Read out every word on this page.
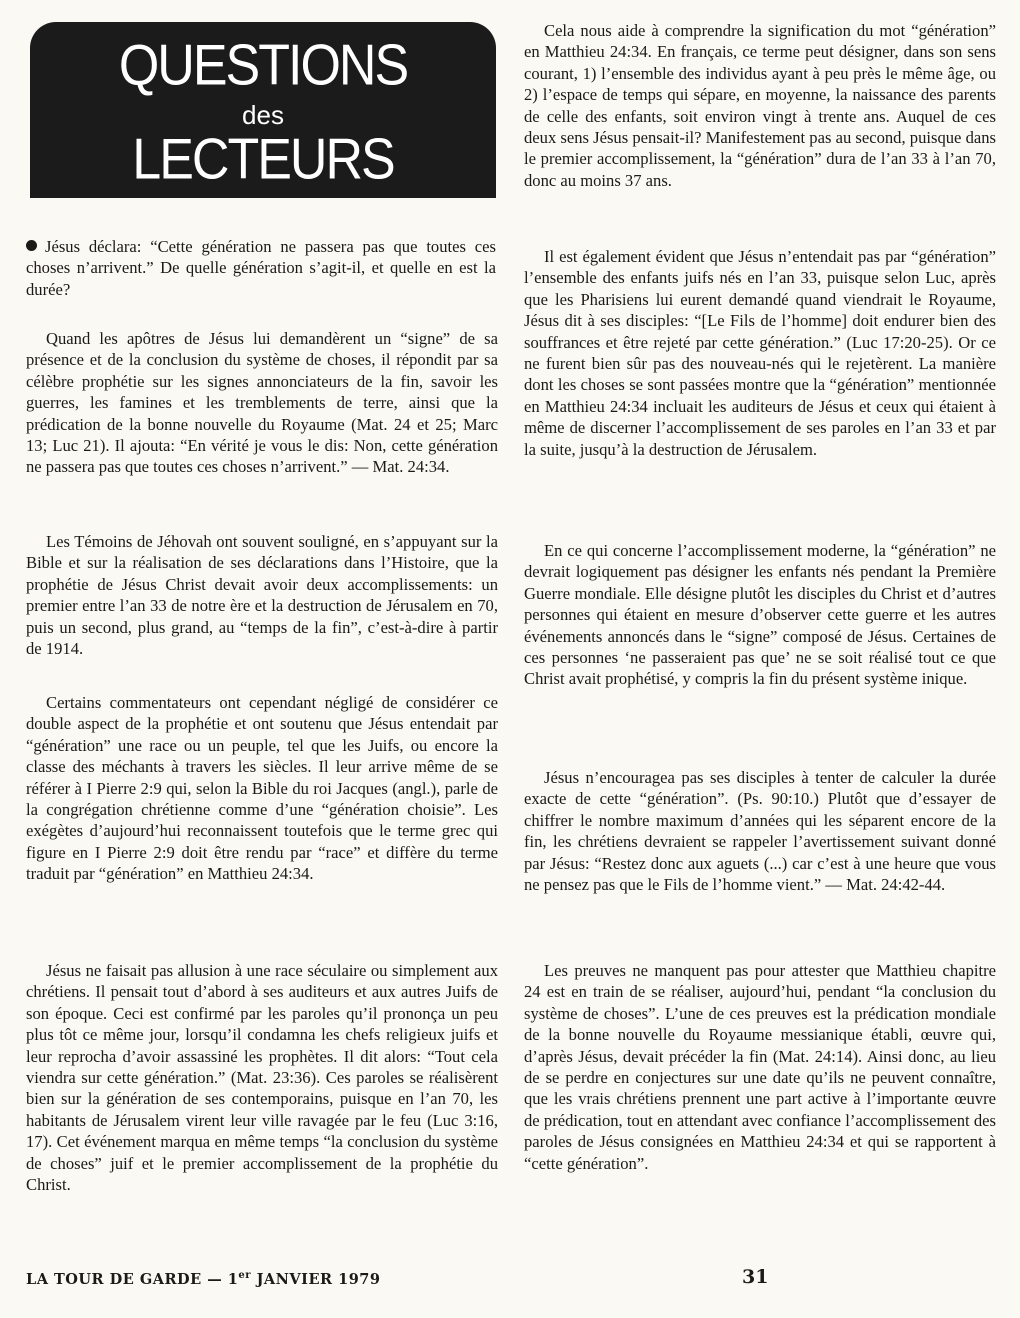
QUESTIONS
des
LECTEURS

Jésus déclara: “Cette génération ne passera pas que toutes ces choses n’arrivent.” De quelle génération s’agit-il, et quelle en est la durée?

Quand les apôtres de Jésus lui demandèrent un “signe” de sa présence et de la conclusion du système de choses, il répondit par sa célèbre prophétie sur les signes annonciateurs de la fin, savoir les guerres, les famines et les tremblements de terre, ainsi que la prédication de la bonne nouvelle du Royaume (Mat. 24 et 25; Marc 13; Luc 21). Il ajouta: “En vérité je vous le dis: Non, cette génération ne passera pas que toutes ces choses n’arrivent.” — Mat. 24:34.

Les Témoins de Jéhovah ont souvent souligné, en s’appuyant sur la Bible et sur la réalisation de ses déclarations dans l’Histoire, que la prophétie de Jésus Christ devait avoir deux accomplissements: un premier entre l’an 33 de notre ère et la destruction de Jérusalem en 70, puis un second, plus grand, au “temps de la fin”, c’est-à-dire à partir de 1914.

Certains commentateurs ont cependant négligé de considérer ce double aspect de la prophétie et ont soutenu que Jésus entendait par “génération” une race ou un peuple, tel que les Juifs, ou encore la classe des méchants à travers les siècles. Il leur arrive même de se référer à I Pierre 2:9 qui, selon la Bible du roi Jacques (angl.), parle de la congrégation chrétienne comme d’une “génération choisie”. Les exégètes d’aujourd’hui reconnaissent toutefois que le terme grec qui figure en I Pierre 2:9 doit être rendu par “race” et diffère du terme traduit par “génération” en Matthieu 24:34.

Jésus ne faisait pas allusion à une race séculaire ou simplement aux chrétiens. Il pensait tout d’abord à ses auditeurs et aux autres Juifs de son époque. Ceci est confirmé par les paroles qu’il prononça un peu plus tôt ce même jour, lorsqu’il condamna les chefs religieux juifs et leur reprocha d’avoir assassiné les prophètes. Il dit alors: “Tout cela viendra sur cette génération.” (Mat. 23:36). Ces paroles se réalisèrent bien sur la génération de ses contemporains, puisque en l’an 70, les habitants de Jérusalem virent leur ville ravagée par le feu (Luc 3:16, 17). Cet événement marqua en même temps “la conclusion du système de choses” juif et le premier accomplissement de la prophétie du Christ.

Cela nous aide à comprendre la signification du mot “génération” en Matthieu 24:34. En français, ce terme peut désigner, dans son sens courant, 1) l’ensemble des individus ayant à peu près le même âge, ou 2) l’espace de temps qui sépare, en moyenne, la naissance des parents de celle des enfants, soit environ vingt à trente ans. Auquel de ces deux sens Jésus pensait-il? Manifestement pas au second, puisque dans le premier accomplissement, la “génération” dura de l’an 33 à l’an 70, donc au moins 37 ans.

Il est également évident que Jésus n’entendait pas par “génération” l’ensemble des enfants juifs nés en l’an 33, puisque selon Luc, après que les Pharisiens lui eurent demandé quand viendrait le Royaume, Jésus dit à ses disciples: “[Le Fils de l’homme] doit endurer bien des souffrances et être rejeté par cette génération.” (Luc 17:20-25). Or ce ne furent bien sûr pas des nouveau-nés qui le rejetèrent. La manière dont les choses se sont passées montre que la “génération” mentionnée en Matthieu 24:34 incluait les auditeurs de Jésus et ceux qui étaient à même de discerner l’accomplissement de ses paroles en l’an 33 et par la suite, jusqu’à la destruction de Jérusalem.

En ce qui concerne l’accomplissement moderne, la “génération” ne devrait logiquement pas désigner les enfants nés pendant la Première Guerre mondiale. Elle désigne plutôt les disciples du Christ et d’autres personnes qui étaient en mesure d’observer cette guerre et les autres événements annoncés dans le “signe” composé de Jésus. Certaines de ces personnes ‘ne passeraient pas que’ ne se soit réalisé tout ce que Christ avait prophétisé, y compris la fin du présent système inique.

Jésus n’encouragea pas ses disciples à tenter de calculer la durée exacte de cette “génération”. (Ps. 90:10.) Plutôt que d’essayer de chiffrer le nombre maximum d’années qui les séparent encore de la fin, les chrétiens devraient se rappeler l’avertissement suivant donné par Jésus: “Restez donc aux aguets (...) car c’est à une heure que vous ne pensez pas que le Fils de l’homme vient.” — Mat. 24:42-44.

Les preuves ne manquent pas pour attester que Matthieu chapitre 24 est en train de se réaliser, aujourd’hui, pendant “la conclusion du système de choses”. L’une de ces preuves est la prédication mondiale de la bonne nouvelle du Royaume messianique établi, œuvre qui, d’après Jésus, devait précéder la fin (Mat. 24:14). Ainsi donc, au lieu de se perdre en conjectures sur une date qu’ils ne peuvent connaître, que les vrais chrétiens prennent une part active à l’importante œuvre de prédication, tout en attendant avec confiance l’accomplissement des paroles de Jésus consignées en Matthieu 24:34 et qui se rapportent à “cette génération”.

LA TOUR DE GARDE — 1er JANVIER 1979	31
